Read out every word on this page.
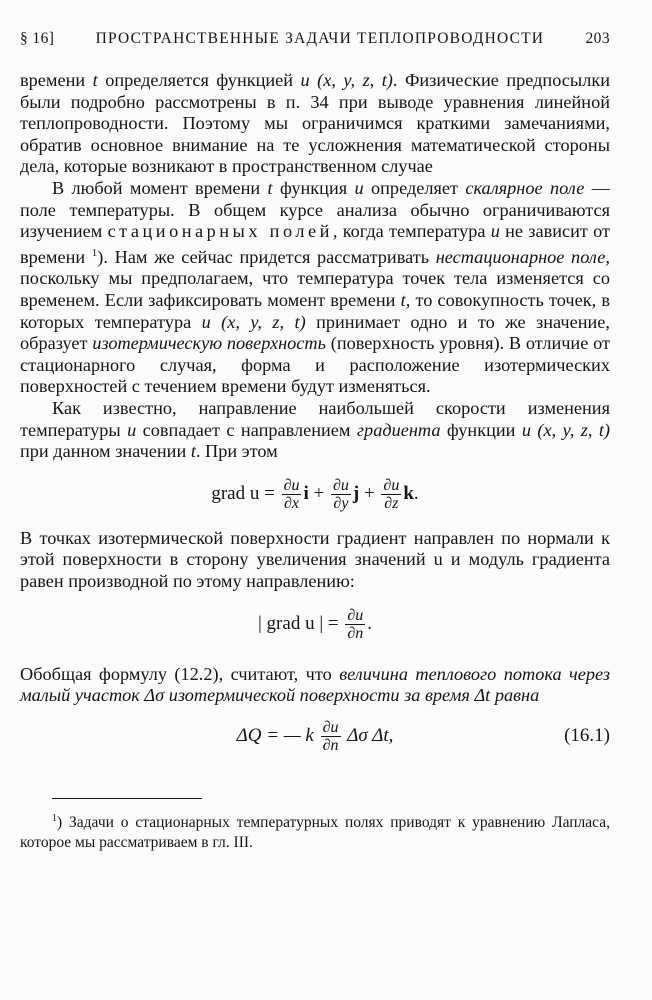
§ 16]	ПРОСТРАНСТВЕННЫЕ ЗАДАЧИ ТЕПЛОПРОВОДНОСТИ	203

времени t определяется функцией u (x, y, z, t). Физические предпосылки были подробно рассмотрены в п. 34 при выводе уравнения линейной теплопроводности. Поэтому мы ограничимся краткими замечаниями, обратив основное внимание на те усложнения математической стороны дела, которые возникают в пространственном случае

В любой момент времени t функция u определяет скалярное поле — поле температуры. В общем курсе анализа обычно ограничиваются изучением стационарных полей, когда температура u не зависит от времени $^1$). Нам же сейчас придется рассматривать нестационарное поле, поскольку мы предполагаем, что температура точек тела изменяется со временем. Если зафиксировать момент времени t, то совокупность точек, в которых температура u (x, y, z, t) принимает одно и то же значение, образует изотермическую поверхность (поверхность уровня). В отличие от стационарного случая, форма и расположение изотермических поверхностей с течением времени будут изменяться.

Как известно, направление наибольшей скорости изменения температуры u совпадает с направлением градиента функции u (x, y, z, t) при данном значении t. При этом

grad $u = \frac{\partial u}{\partial x}$ $i + \frac{\partial u}{\partial y}$ $j + \frac{\partial u}{\partial z} k$.

В точках изотермической поверхности градиент направлен по нормали к этой поверхности в сторону увеличения значений u и модуль градиента равен производной по этому направлению:

| grad u | = $\frac{\partial u}{\partial n}$ .

Обобщая формулу (12.2), считают, что величина теплового потока через малый участок Δσ изотермической поверхности за время Δt равна

ΔQ = — k $\frac{\partial u}{\partial n}$ Δσ Δt,	(16.1)

$^1$) Задачи о стационарных температурных полях приводят к уравнению Лапласа, которое мы рассматриваем в гл. III.
